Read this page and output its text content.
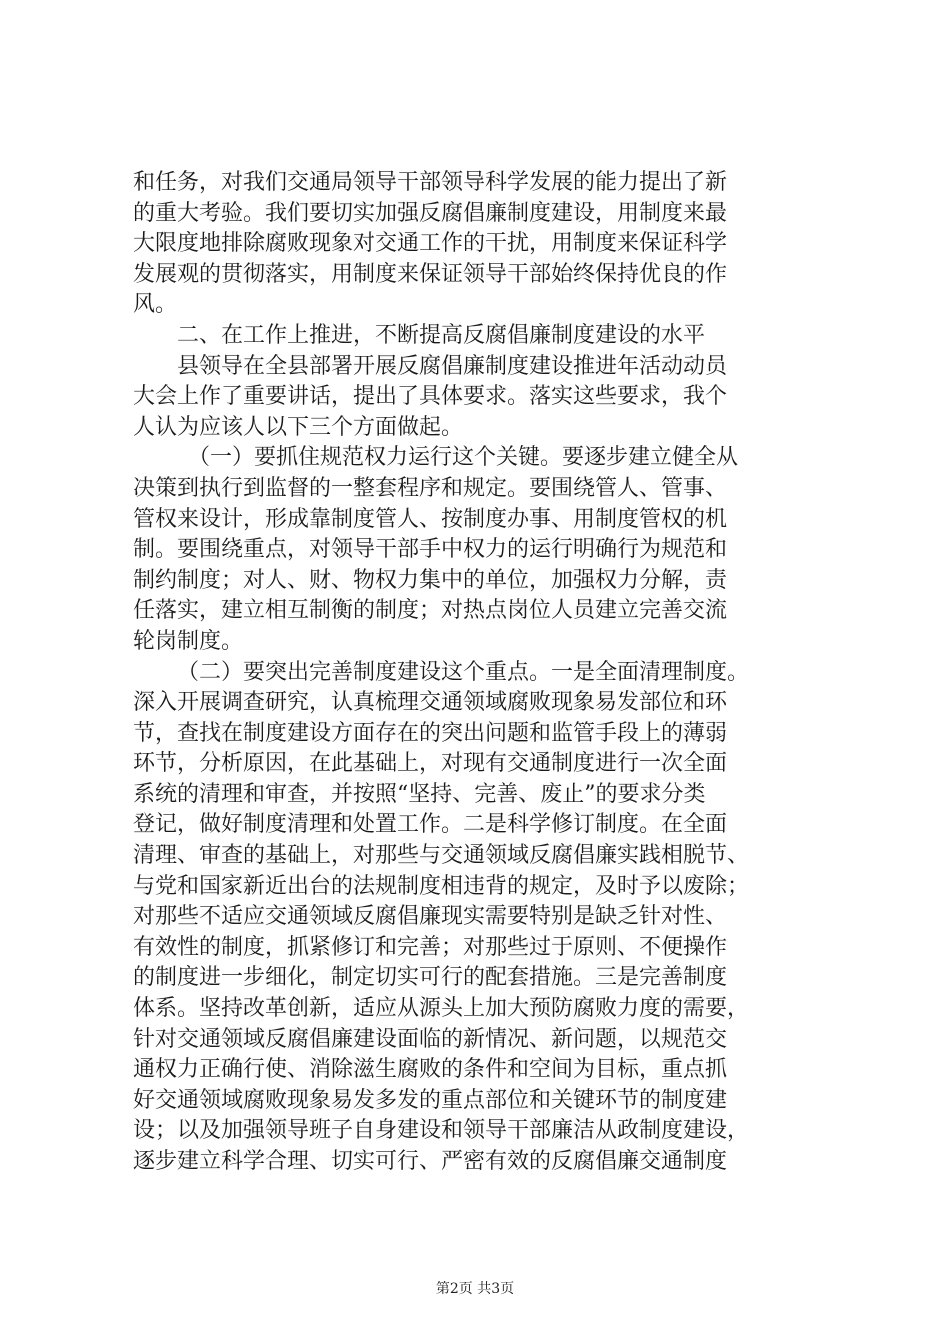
和任务，对我们交通局领导干部领导科学发展的能力提出了新
的重大考验。我们要切实加强反腐倡廉制度建设，用制度来最
大限度地排除腐败现象对交通工作的干扰，用制度来保证科学
发展观的贯彻落实，用制度来保证领导干部始终保持优良的作
风。
二、在工作上推进，不断提高反腐倡廉制度建设的水平
县领导在全县部署开展反腐倡廉制度建设推进年活动动员
大会上作了重要讲话，提出了具体要求。落实这些要求，我个
人认为应该人以下三个方面做起。
（一）要抓住规范权力运行这个关键。要逐步建立健全从
决策到执行到监督的一整套程序和规定。要围绕管人、管事、
管权来设计，形成靠制度管人、按制度办事、用制度管权的机
制。要围绕重点，对领导干部手中权力的运行明确行为规范和
制约制度；对人、财、物权力集中的单位，加强权力分解，责
任落实，建立相互制衡的制度；对热点岗位人员建立完善交流
轮岗制度。
（二）要突出完善制度建设这个重点。一是全面清理制度。
深入开展调查研究，认真梳理交通领域腐败现象易发部位和环
节，查找在制度建设方面存在的突出问题和监管手段上的薄弱
环节，分析原因，在此基础上，对现有交通制度进行一次全面
系统的清理和审查，并按照“坚持、完善、废止”的要求分类
登记，做好制度清理和处置工作。二是科学修订制度。在全面
清理、审查的基础上，对那些与交通领域反腐倡廉实践相脱节、
与党和国家新近出台的法规制度相违背的规定，及时予以废除；
对那些不适应交通领域反腐倡廉现实需要特别是缺乏针对性、
有效性的制度，抓紧修订和完善；对那些过于原则、不便操作
的制度进一步细化，制定切实可行的配套措施。三是完善制度
体系。坚持改革创新，适应从源头上加大预防腐败力度的需要，
针对交通领域反腐倡廉建设面临的新情况、新问题，以规范交
通权力正确行使、消除滋生腐败的条件和空间为目标，重点抓
好交通领域腐败现象易发多发的重点部位和关键环节的制度建
设；以及加强领导班子自身建设和领导干部廉洁从政制度建设，
逐步建立科学合理、切实可行、严密有效的反腐倡廉交通制度
第2页 共3页
